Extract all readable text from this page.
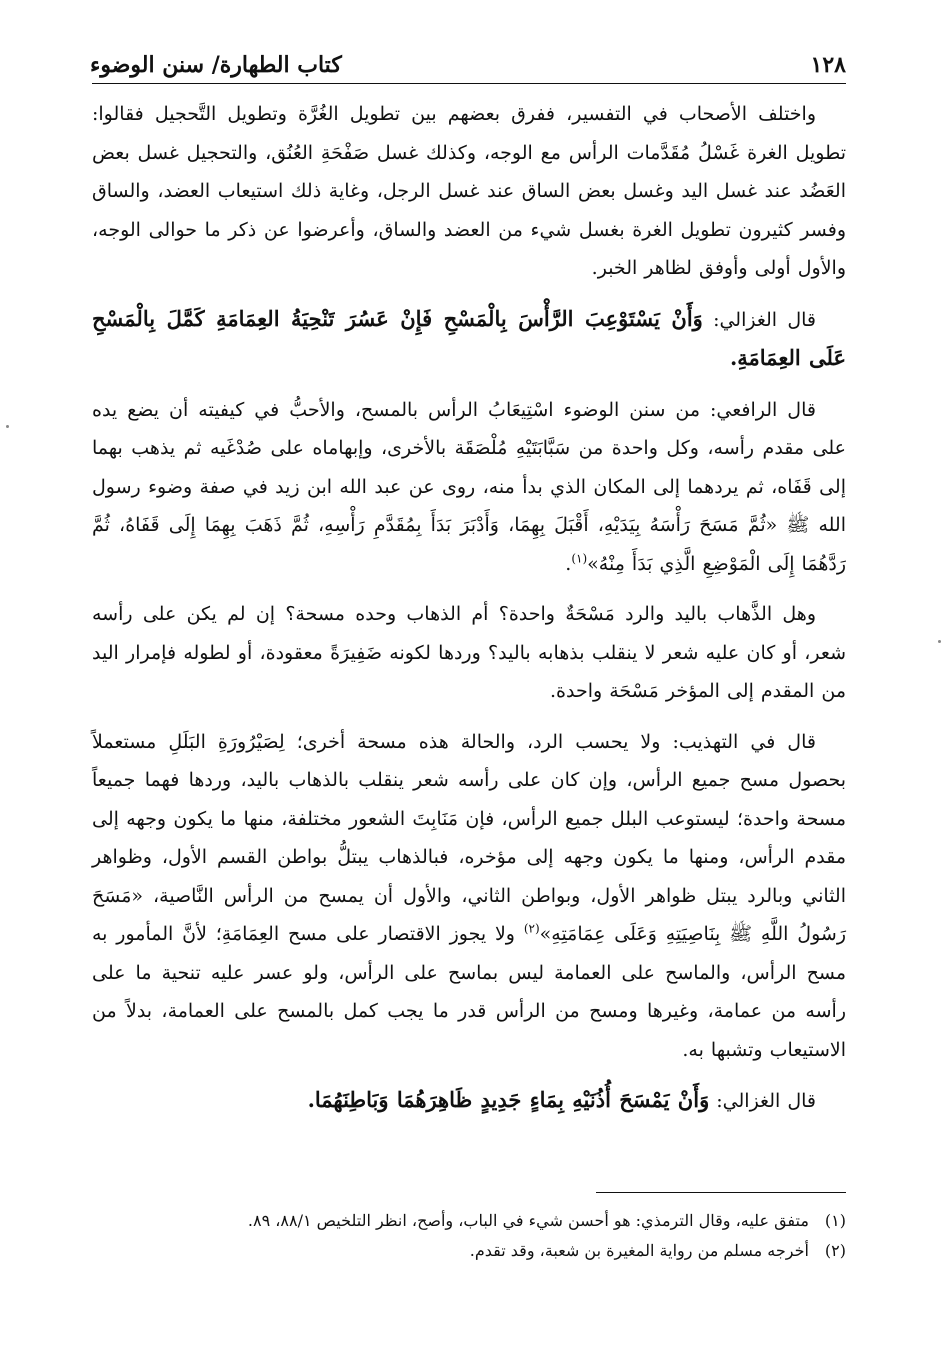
١٢٨
كتاب الطهارة/ سنن الوضوء

واختلف الأصحاب في التفسير، ففرق بعضهم بين تطويل الغُرَّة وتطويل التَّحجيل فقالوا: تطويل الغرة غَسْلُ مُقَدَّمات الرأس مع الوجه، وكذلك غسل صَفْحَةِ العُنُق، والتحجيل غسل بعض العَضُد عند غسل اليد وغسل بعض الساق عند غسل الرجل، وغاية ذلك استيعاب العضد، والساق وفسر كثيرون تطويل الغرة بغسل شيء من العضد والساق، وأعرضوا عن ذكر ما حوالى الوجه، والأول أولى وأوفق لظاهر الخبر.

قال الغزالي: وَأَنْ يَسْتَوْعِبَ الرَّأْسَ بِالْمَسْحِ فَإِنْ عَسُرَ تَنْحِيَةُ العِمَامَةِ كَمَّلَ بِالْمَسْحِ عَلَى العِمَامَةِ.

قال الرافعي: من سنن الوضوء اسْتِيعَابُ الرأس بالمسح، والأحبُّ في كيفيته أن يضع يده على مقدم رأسه، وكل واحدة من سَبَّابَتَيْهِ مُلْصَقَة بالأخرى، وإبهاماه على صُدْغَيه ثم يذهب بهما إلى قَفَاه، ثم يردهما إلى المكان الذي بدأ منه، روى عن عبد الله ابن زيد في صفة وضوء رسول الله ﷺ «ثُمَّ مَسَحَ رَأْسَهُ بِيَدَيْهِ، أَقْبَلَ بِهِمَا، وَأَدْبَرَ بَدَأَ بِمُقَدَّمِ رَأْسِهِ، ثُمَّ ذَهَبَ بِهِمَا إِلَى قَفَاهُ، ثُمَّ رَدَّهُمَا إِلَى الْمَوْضِعِ الَّذِي بَدَأَ مِنْهُ»$^{(١)}$.

وهل الذَّهاب باليد والرد مَسْحَةٌ واحدة؟ أم الذهاب وحده مسحة؟ إن لم يكن على رأسه شعر، أو كان عليه شعر لا ينقلب بذهابه باليد؟ وردها لكونه ضَفِيرَةً معقودة، أو لطوله فإمرار اليد من المقدم إلى المؤخر مَسْحَة واحدة.

قال في التهذيب: ولا يحسب الرد، والحالة هذه مسحة أخرى؛ لِصَيْرُورَةِ البَلَلِ مستعملاً بحصول مسح جميع الرأس، وإن كان على رأسه شعر ينقلب بالذهاب باليد، وردها فهما جميعاً مسحة واحدة؛ ليستوعب البلل جميع الرأس، فإن مَنَابِتَ الشعور مختلفة، منها ما يكون وجهه إلى مقدم الرأس، ومنها ما يكون وجهه إلى مؤخره، فبالذهاب يبتلُّ بواطن القسم الأول، وظواهر الثاني وبالرد يبتل ظواهر الأول، وبواطن الثاني، والأول أن يمسح من الرأس النَّاصية، «مَسَحَ رَسُولُ اللَّهِ ﷺ بِنَاصِيَتِهِ وَعَلَى عِمَامَتِهِ»$^{(٢)}$ ولا يجوز الاقتصار على مسح العِمَامَةِ؛ لأنَّ المأمور به مسح الرأس، والماسح على العمامة ليس بماسح على الرأس، ولو عسر عليه تنحية ما على رأسه من عمامة، وغيرها ومسح من الرأس قدر ما يجب كمل بالمسح على العمامة، بدلاً من الاستيعاب وتشبها به.

قال الغزالي: وَأَنْ يَمْسَحَ أُذُنَيْهِ بِمَاءٍ جَدِيدٍ ظَاهِرَهُمَا وَبَاطِنَهُمَا.

(١)
متفق عليه، وقال الترمذي: هو أحسن شيء في الباب، وأصح، انظر التلخيص ٨٨/١، ٨٩.

(٢)
أخرجه مسلم من رواية المغيرة بن شعبة، وقد تقدم.
